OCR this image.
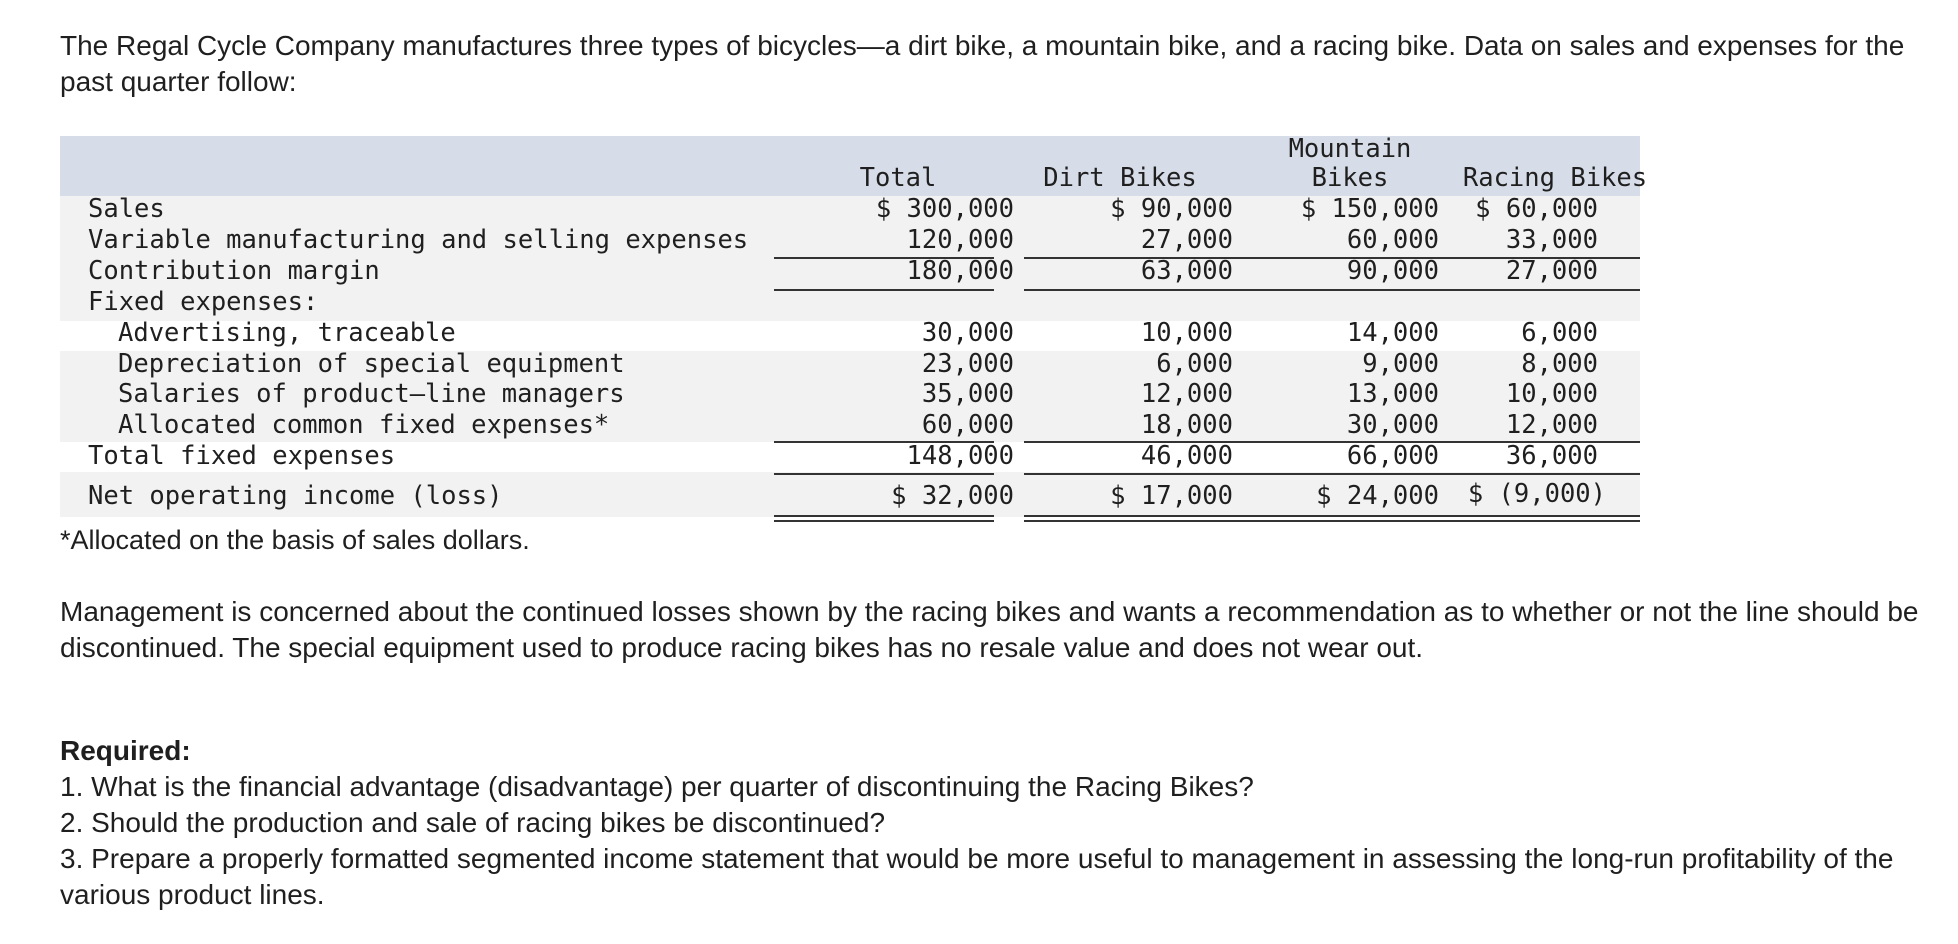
The Regal Cycle Company manufactures three types of bicycles—a dirt bike, a mountain bike, and a racing bike. Data on sales and expenses for the past quarter follow:

Total	Dirt Bikes
Mountain
Bikes	Racing Bikes
Sales	$ 300,000	$ 90,000	$ 150,000 $ 60,000
Variable manufacturing and selling expenses	120,000	27,000	60,000	33,000
Contribution margin	180,000	63,000	90,000	27,000
Fixed expenses:
Advertising, traceable	30,000	10,000	14,000	6,000
Depreciation of special equipment	23,000	6,000	9,000	8,000
Salaries of product–line managers	35,000	12,000	13,000	10,000
Allocated common fixed expenses*	60,000	18,000	30,000	12,000
Total fixed expenses	148,000	46,000	66,000	36,000
Net operating income (loss)	$ 32,000	$ 17,000	$ 24,000 $ (9,000)
*Allocated on the basis of sales dollars.

Management is concerned about the continued losses shown by the racing bikes and wants a recommendation as to whether or not the line should be discontinued. The special equipment used to produce racing bikes has no resale value and does not wear out.

Required:
1. What is the financial advantage (disadvantage) per quarter of discontinuing the Racing Bikes?
2. Should the production and sale of racing bikes be discontinued?
3. Prepare a properly formatted segmented income statement that would be more useful to management in assessing the long-run profitability of the various product lines.
